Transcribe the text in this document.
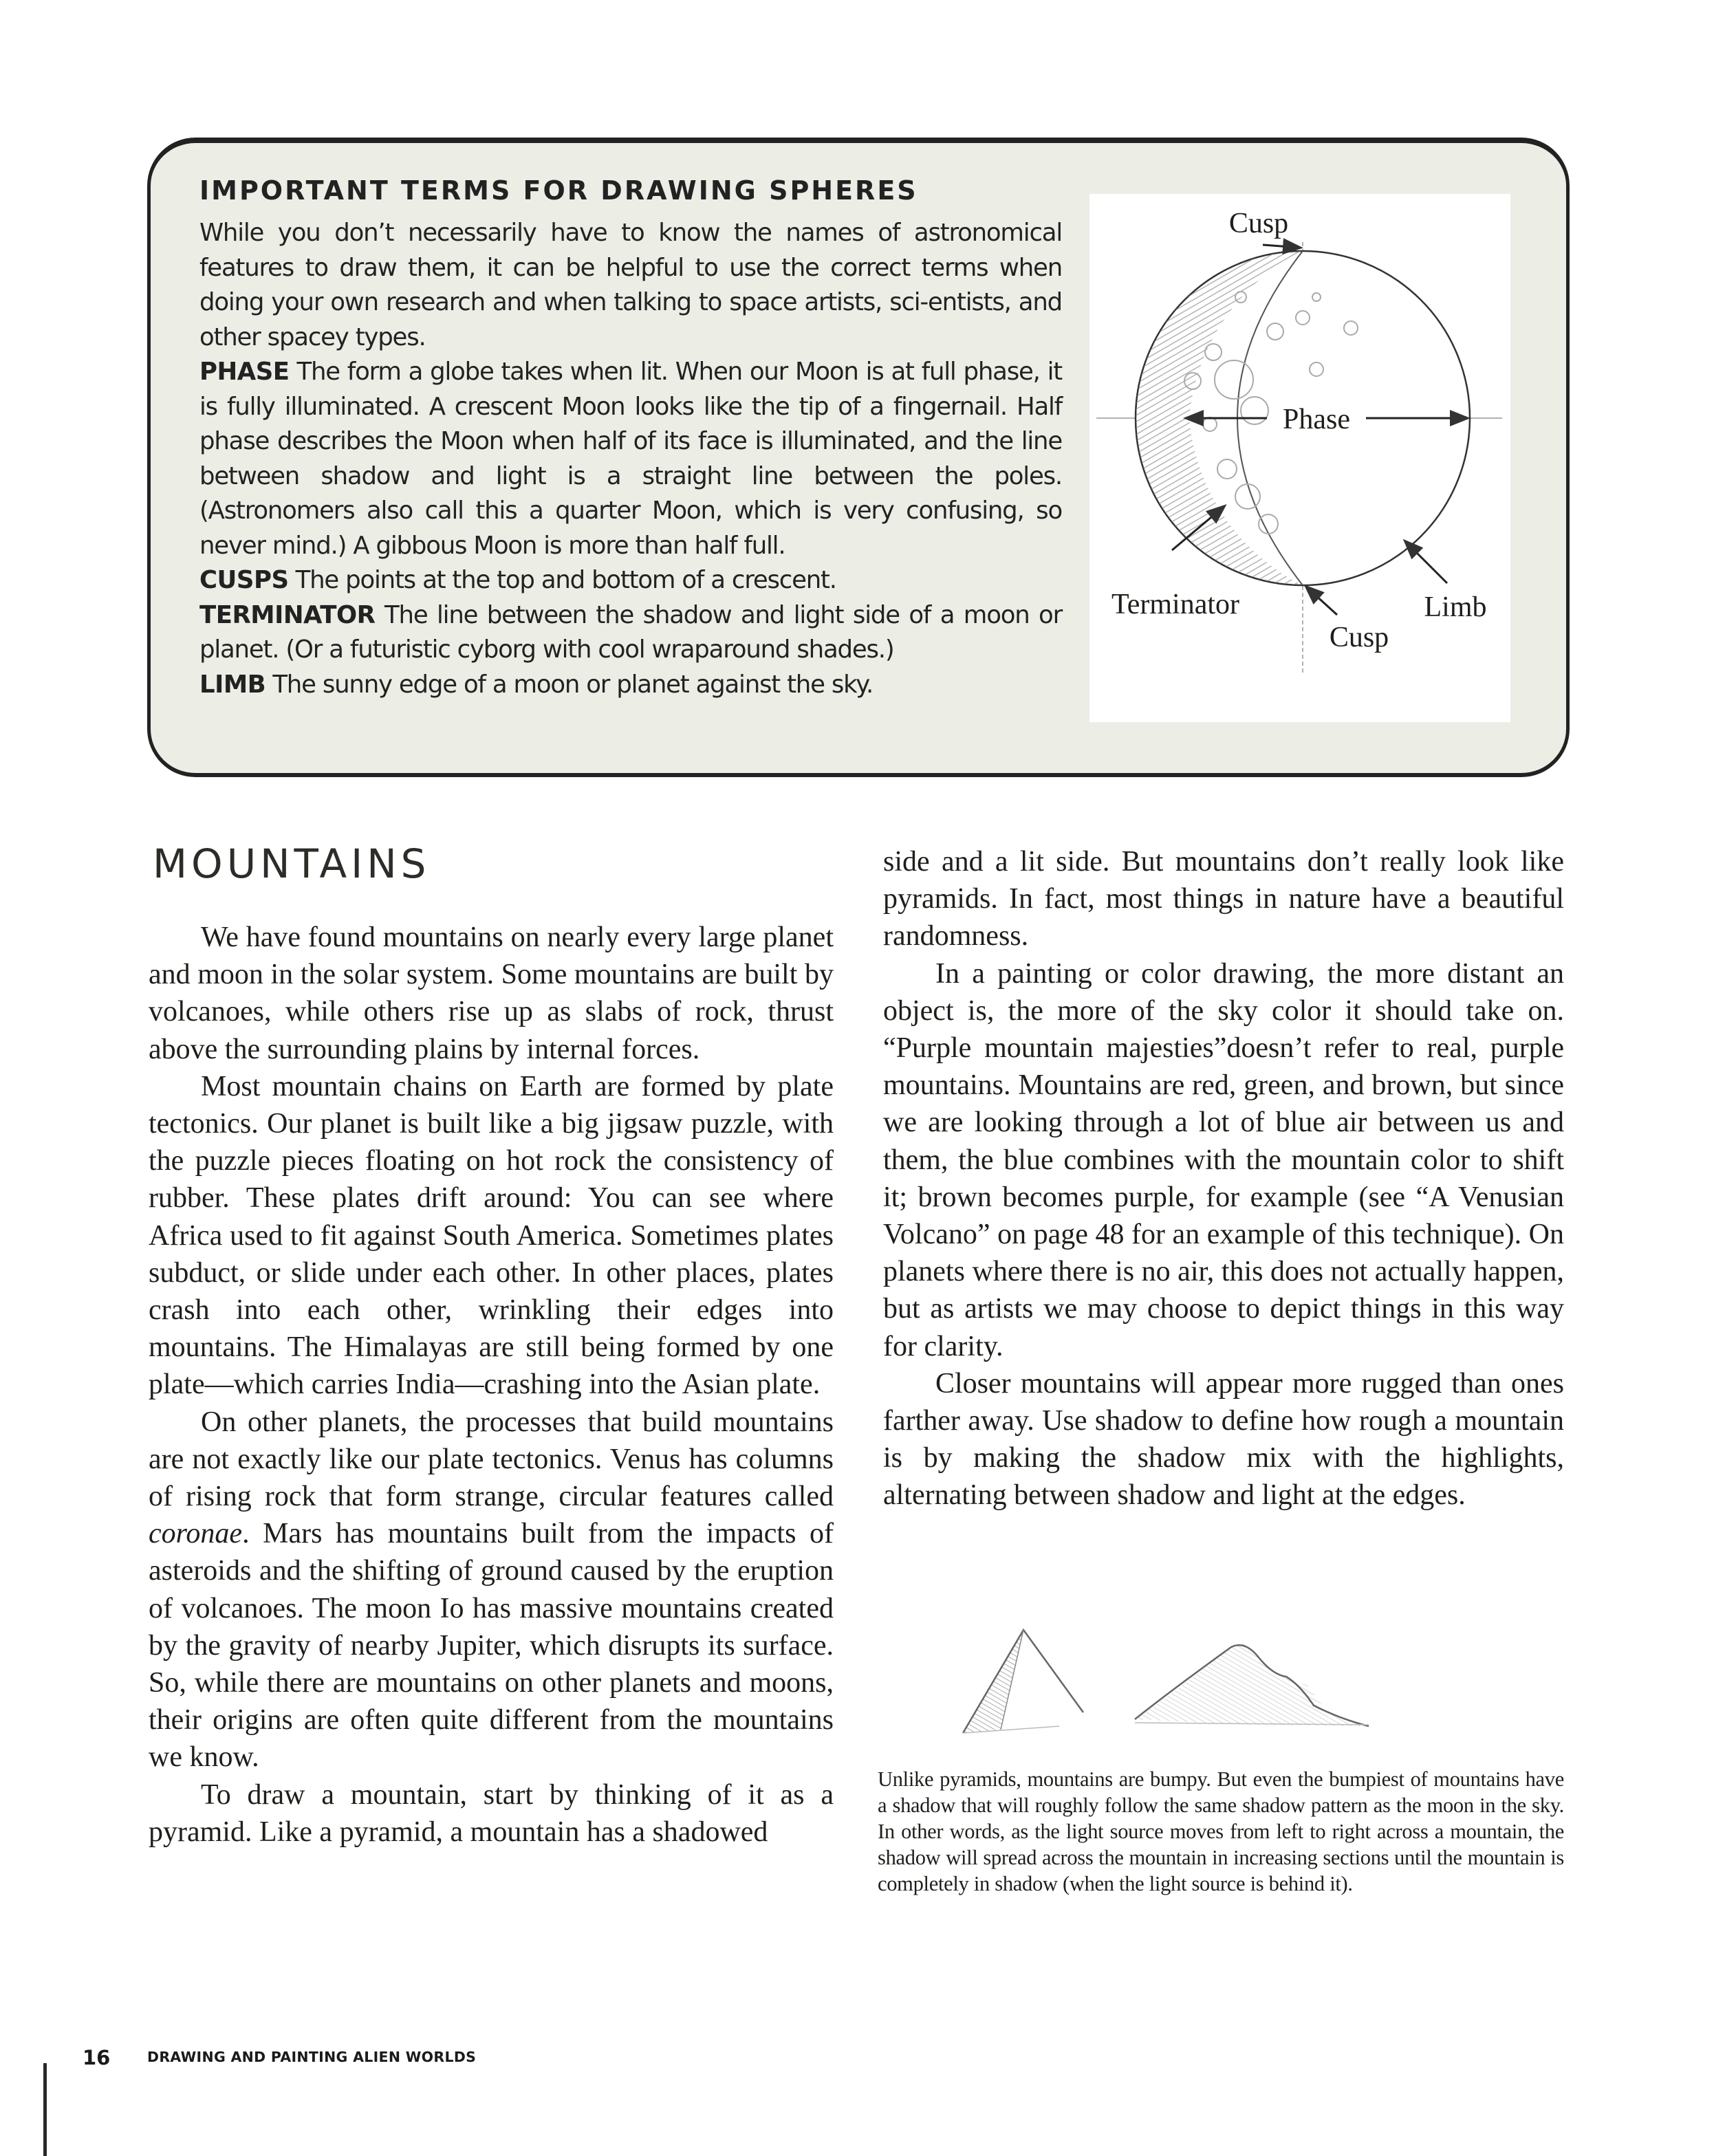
IMPORTANT TERMS FOR DRAWING SPHERES

While you don’t necessarily have to know the names of astronomical features to draw them, it can be helpful to use the correct terms when doing your own research and when talking to space artists, sci-entists, and other spacey types.

PHASE The form a globe takes when lit. When our Moon is at full phase, it is fully illuminated. A crescent Moon looks like the tip of a fingernail. Half phase describes the Moon when half of its face is illuminated, and the line between shadow and light is a straight line between the poles. (Astronomers also call this a quarter Moon, which is very confusing, so never mind.) A gibbous Moon is more than half full.

CUSPS The points at the top and bottom of a crescent.

TERMINATOR The line between the shadow and light side of a moon or planet. (Or a futuristic cyborg with cool wraparound shades.)

LIMB The sunny edge of a moon or planet against the sky.

Phase
Cusp
Terminator
Cusp
Limb
MOUNTAINS

We have found mountains on nearly every large planet and moon in the solar system. Some mountains are built by volcanoes, while others rise up as slabs of rock, thrust above the surrounding plains by internal forces.

Most mountain chains on Earth are formed by plate tectonics. Our planet is built like a big jigsaw puzzle, with the puzzle pieces floating on hot rock the consistency of rubber. These plates drift around: You can see where Africa used to fit against South America. Sometimes plates subduct, or slide under each other. In other places, plates crash into each other, wrinkling their edges into mountains. The Himalayas are still being formed by one plate—which carries India—crashing into the Asian plate.

On other planets, the processes that build mountains are not exactly like our plate tectonics. Venus has columns of rising rock that form strange, circular features called coronae. Mars has mountains built from the impacts of asteroids and the shifting of ground caused by the eruption of volcanoes. The moon Io has massive mountains created by the gravity of nearby Jupiter, which disrupts its surface. So, while there are mountains on other planets and moons, their origins are often quite different from the mountains we know.

To draw a mountain, start by thinking of it as a pyramid. Like a pyramid, a mountain has a shadowed

side and a lit side. But mountains don’t really look like pyramids. In fact, most things in nature have a beautiful randomness.

In a painting or color drawing, the more distant an object is, the more of the sky color it should take on. “Purple mountain majesties”doesn’t refer to real, purple mountains. Mountains are red, green, and brown, but since we are looking through a lot of blue air between us and them, the blue combines with the mountain color to shift it; brown becomes purple, for example (see “A Venusian Volcano” on page 48 for an example of this technique). On planets where there is no air, this does not actually happen, but as artists we may choose to depict things in this way for clarity.

Closer mountains will appear more rugged than ones farther away. Use shadow to define how rough a mountain is by making the shadow mix with the highlights, alternating between shadow and light at the edges.

Unlike pyramids, mountains are bumpy. But even the bumpiest of mountains have a shadow that will roughly follow the same shadow pattern as the moon in the sky. In other words, as the light source moves from left to right across a mountain, the shadow will spread across the mountain in increasing sections until the mountain is completely in shadow (when the light source is behind it).
16	DRAWING AND PAINTING ALIEN WORLDS
